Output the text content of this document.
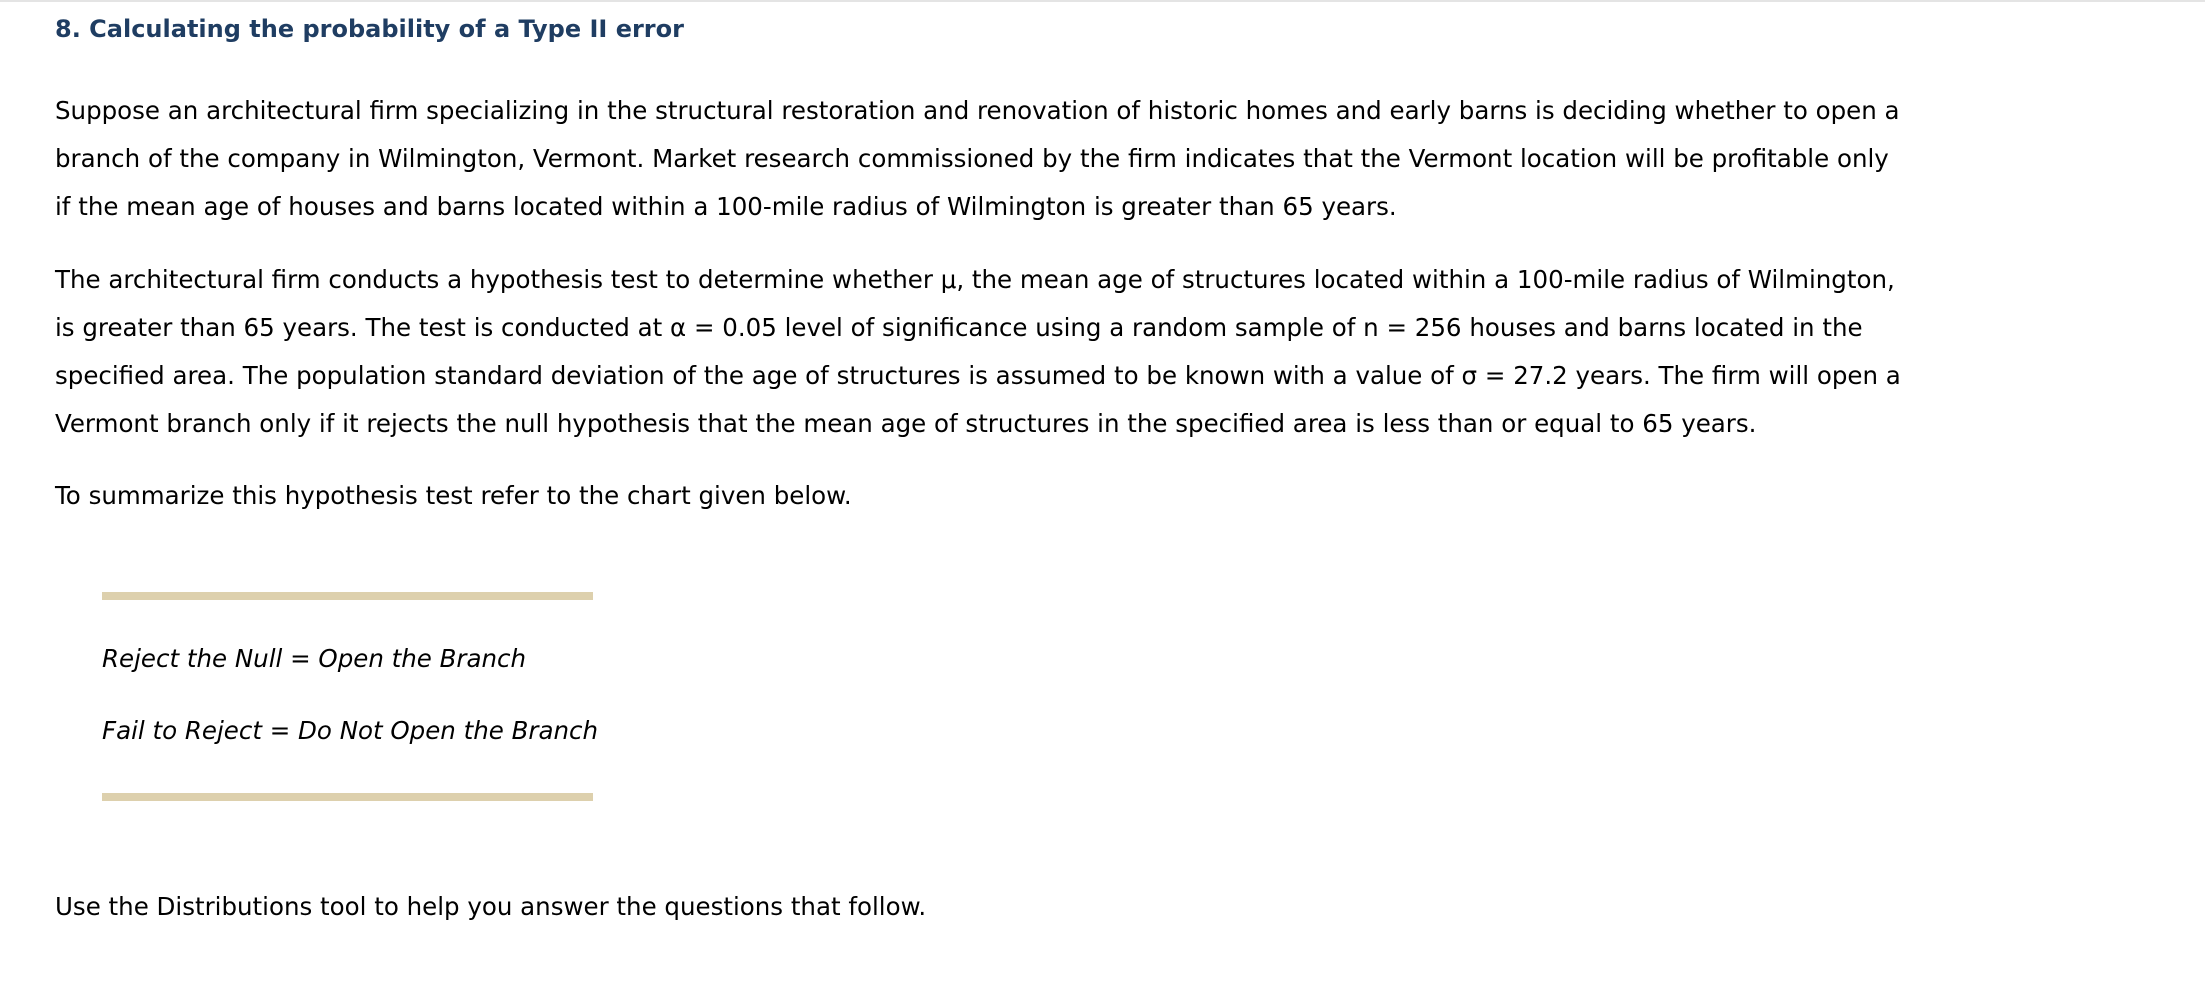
8. Calculating the probability of a Type II error

Suppose an architectural firm specializing in the structural restoration and renovation of historic homes and early barns is deciding whether to open a
branch of the company in Wilmington, Vermont. Market research commissioned by the firm indicates that the Vermont location will be profitable only
if the mean age of houses and barns located within a 100-mile radius of Wilmington is greater than 65 years.

The architectural firm conducts a hypothesis test to determine whether μ, the mean age of structures located within a 100-mile radius of Wilmington,
is greater than 65 years. The test is conducted at α = 0.05 level of significance using a random sample of n = 256 houses and barns located in the
specified area. The population standard deviation of the age of structures is assumed to be known with a value of σ = 27.2 years. The firm will open a
Vermont branch only if it rejects the null hypothesis that the mean age of structures in the specified area is less than or equal to 65 years.

To summarize this hypothesis test refer to the chart given below.

Reject the Null = Open the Branch
Fail to Reject = Do Not Open the Branch

Use the Distributions tool to help you answer the questions that follow.
